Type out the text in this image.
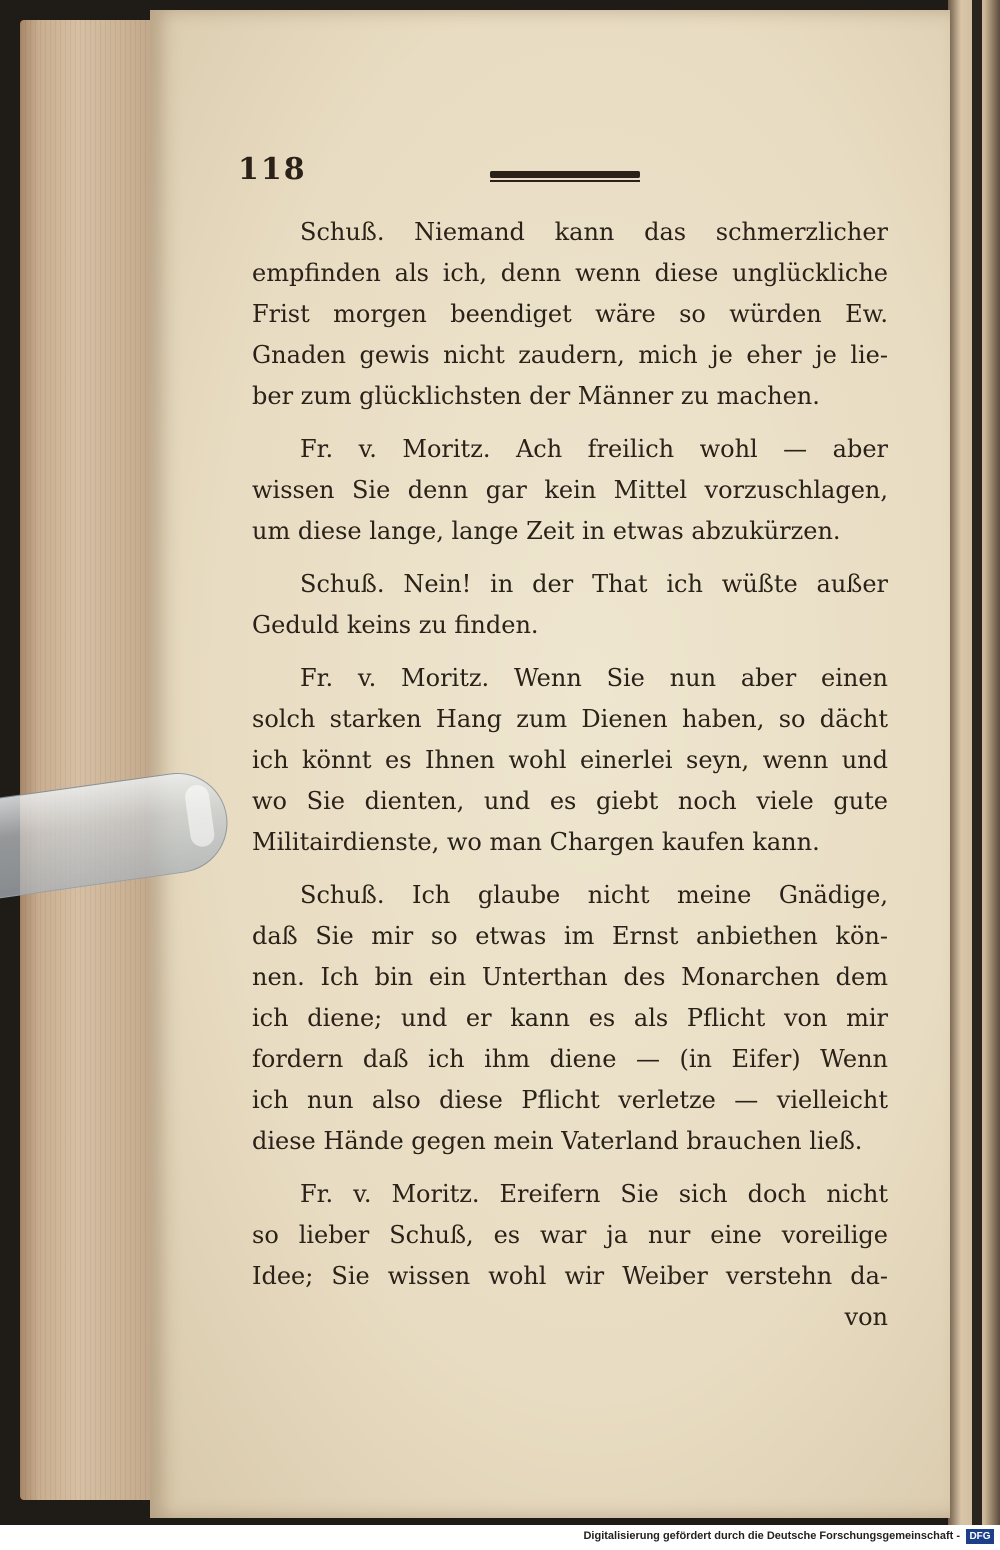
118
Schuß. Niemand kann das schmerzlicher
empfinden als ich, denn wenn diese unglückliche
Frist morgen beendiget wäre so würden Ew.
Gnaden gewis nicht zaudern, mich je eher je lie-
ber zum glücklichsten der Männer zu machen.
Fr. v. Moritz. Ach freilich wohl — aber
wissen Sie denn gar kein Mittel vorzuschlagen,
um diese lange, lange Zeit in etwas abzukürzen.
Schuß. Nein! in der That ich wüßte außer
Geduld keins zu finden.
Fr. v. Moritz. Wenn Sie nun aber einen
solch starken Hang zum Dienen haben, so dächt
ich könnt es Ihnen wohl einerlei seyn, wenn und
wo Sie dienten, und es giebt noch viele gute
Militairdienste, wo man Chargen kaufen kann.
Schuß. Ich glaube nicht meine Gnädige,
daß Sie mir so etwas im Ernst anbiethen kön-
nen. Ich bin ein Unterthan des Monarchen dem
ich diene; und er kann es als Pflicht von mir
fordern daß ich ihm diene — (in Eifer) Wenn
ich nun also diese Pflicht verletze — vielleicht
diese Hände gegen mein Vaterland brauchen ließ.
Fr. v. Moritz. Ereifern Sie sich doch nicht
so lieber Schuß, es war ja nur eine voreilige
Idee; Sie wissen wohl wir Weiber verstehn da-
von
Digitalisierung gefördert durch die Deutsche Forschungsgemeinschaft - DFG
